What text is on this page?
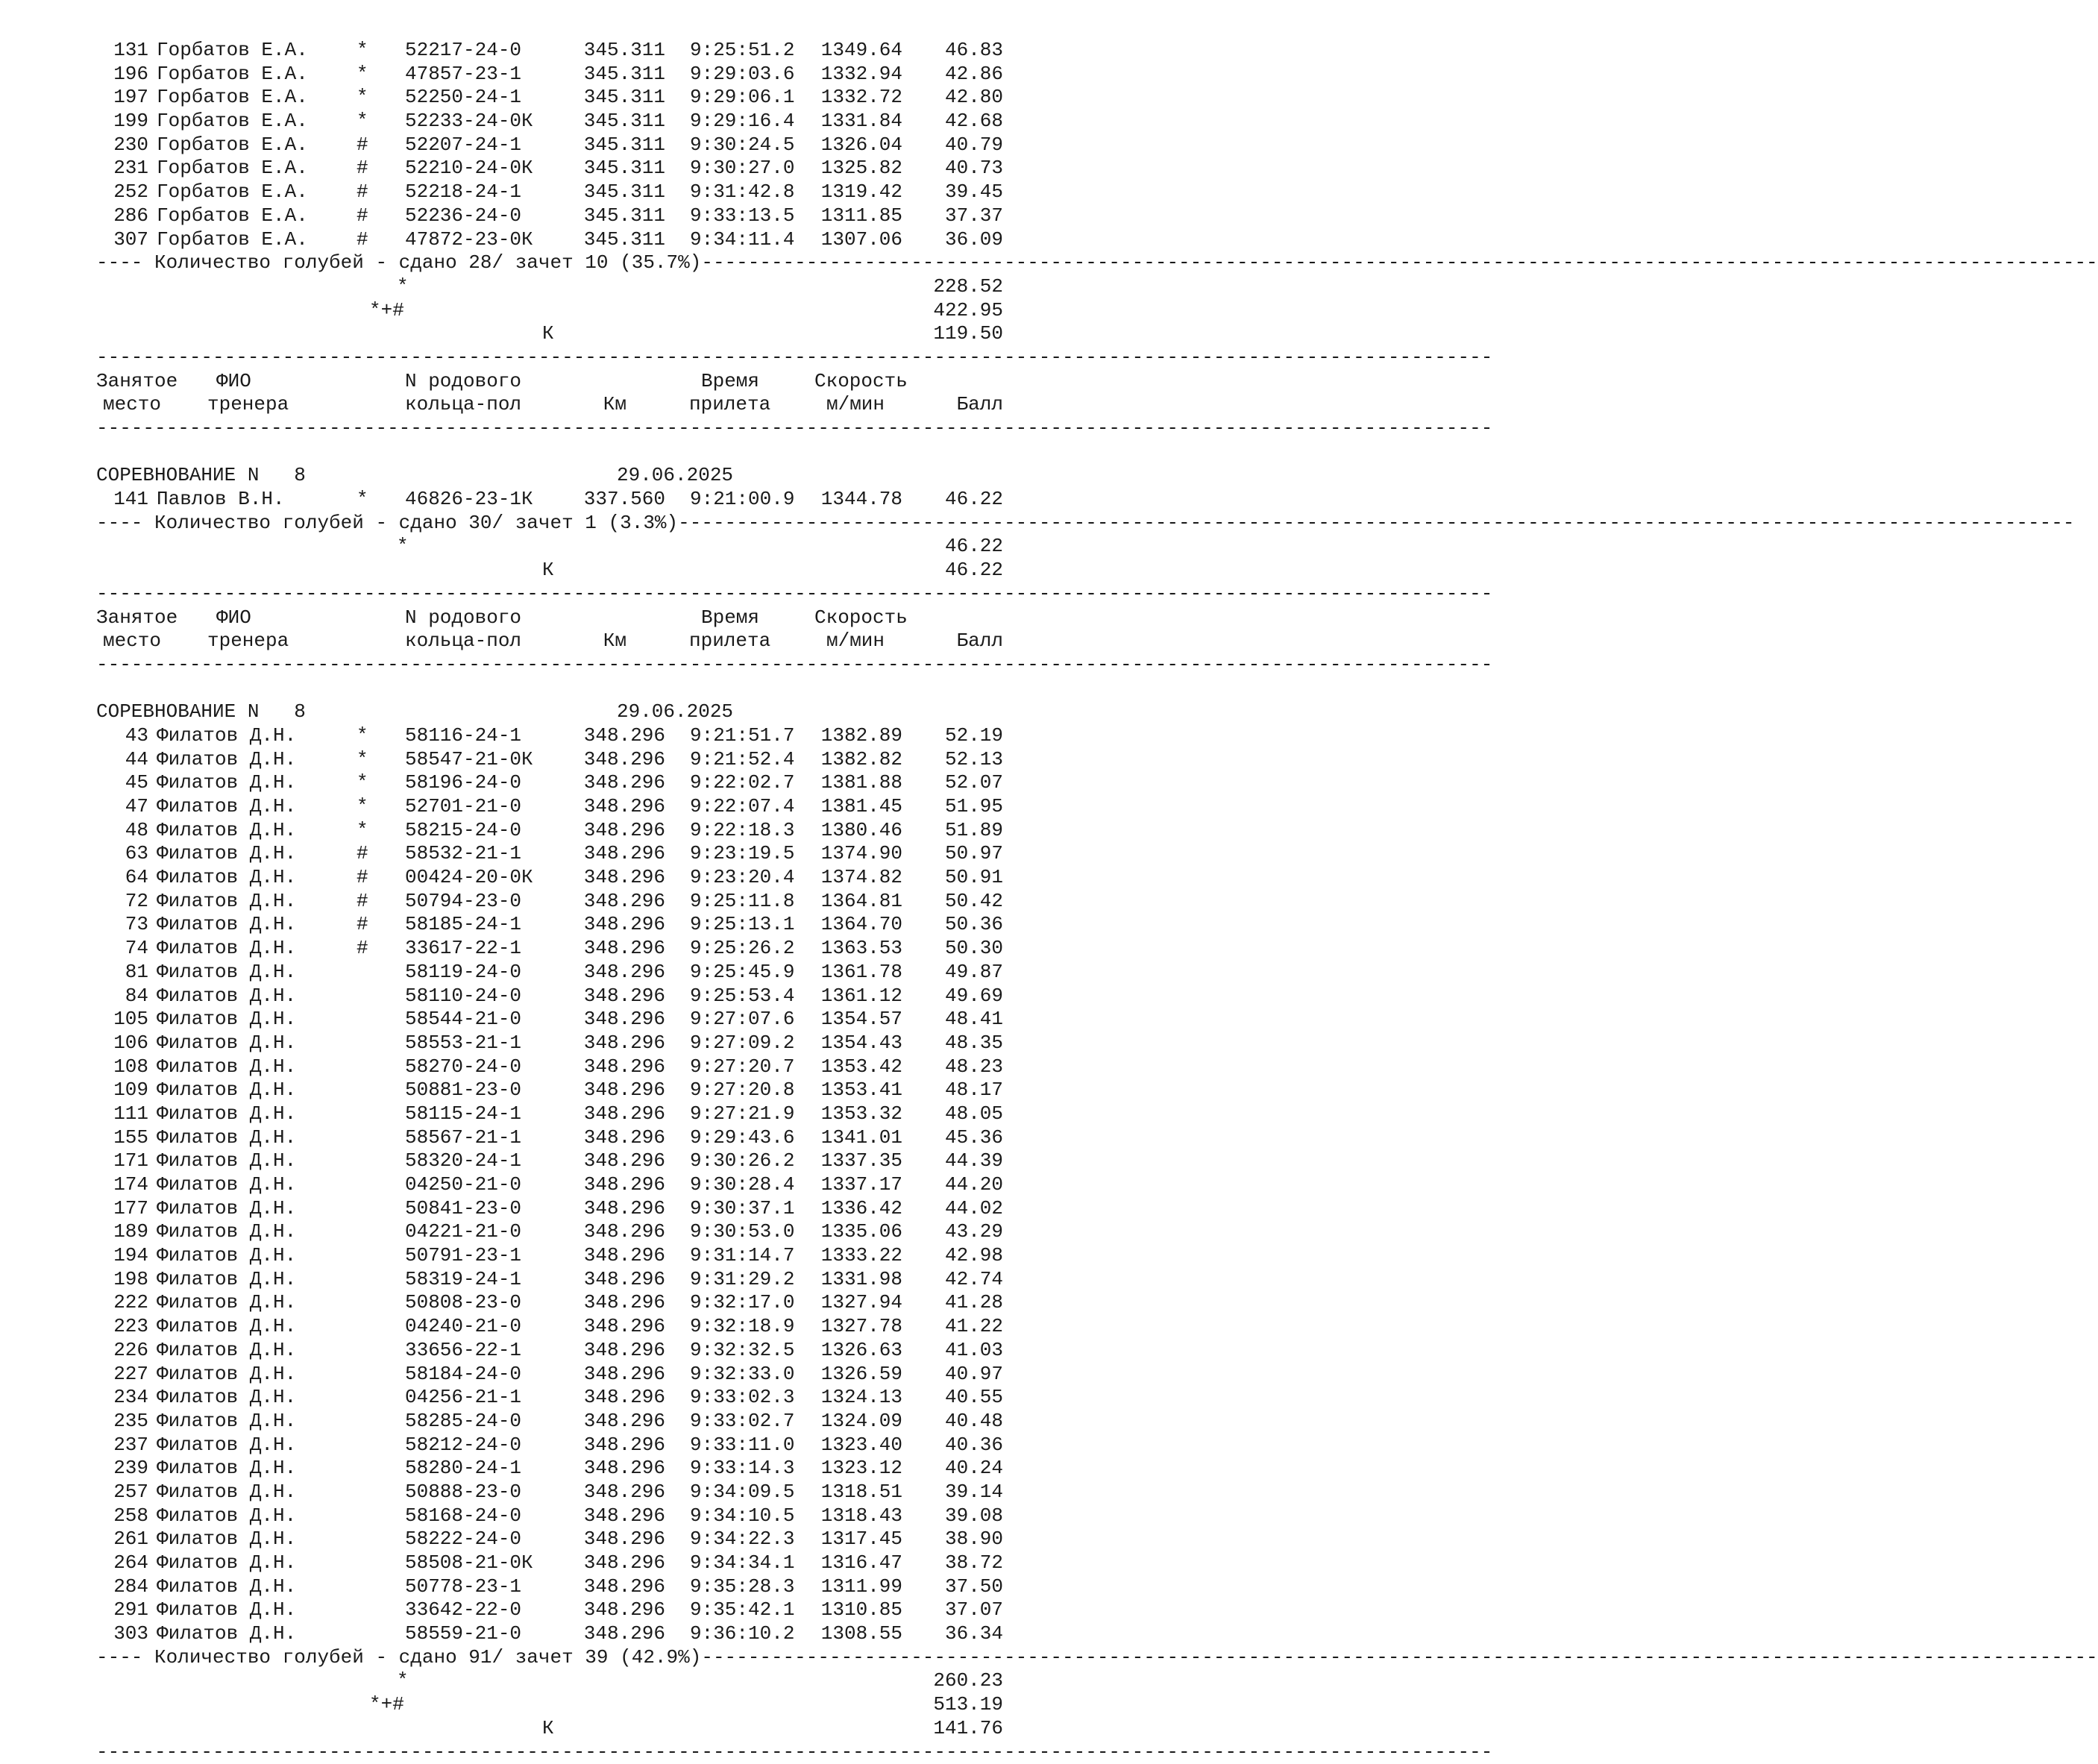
131 Горбатов Е.А.	* 52217-24-0	345.311 9:25:51.2	1349.64	46.83
196 Горбатов Е.А.	* 47857-23-1	345.311 9:29:03.6	1332.94	42.86
197 Горбатов Е.А.	* 52250-24-1	345.311 9:29:06.1	1332.72	42.80
199 Горбатов Е.А.	* 52233-24-0К	345.311 9:29:16.4	1331.84	42.68
230 Горбатов Е.А.	# 52207-24-1	345.311 9:30:24.5	1326.04	40.79
231 Горбатов Е.А.	# 52210-24-0К	345.311 9:30:27.0	1325.82	40.73
252 Горбатов Е.А.	# 52218-24-1	345.311 9:31:42.8	1319.42	39.45
286 Горбатов Е.А.	# 52236-24-0	345.311 9:33:13.5	1311.85	37.37
307 Горбатов Е.А.	# 47872-23-0К	345.311 9:34:11.4	1307.06	36.09
---- Количество голубей - сдано 28/ зачет 10 (35.7%)------------------------------------------------------------------------------------------------------------------------
*	228.52
*+#	422.95
К	119.50
------------------------------------------------------------------------------------------------------------------------
Занятое ФИО	N родового	Время	Скорость
место тренера	кольца-пол	Км	прилета	м/мин	Балл
------------------------------------------------------------------------------------------------------------------------
СОРЕВНОВАНИЕ N   8	29.06.2025
141 Павлов В.Н.	* 46826-23-1К	337.560 9:21:00.9	1344.78	46.22
---- Количество голубей - сдано 30/ зачет 1 (3.3%)------------------------------------------------------------------------------------------------------------------------
*	46.22
К	46.22
------------------------------------------------------------------------------------------------------------------------
Занятое ФИО	N родового	Время	Скорость
место тренера	кольца-пол	Км	прилета	м/мин	Балл
------------------------------------------------------------------------------------------------------------------------
СОРЕВНОВАНИЕ N   8	29.06.2025
43 Филатов Д.Н.	* 58116-24-1	348.296 9:21:51.7	1382.89	52.19
44 Филатов Д.Н.	* 58547-21-0К	348.296 9:21:52.4	1382.82	52.13
45 Филатов Д.Н.	* 58196-24-0	348.296 9:22:02.7	1381.88	52.07
47 Филатов Д.Н.	* 52701-21-0	348.296 9:22:07.4	1381.45	51.95
48 Филатов Д.Н.	* 58215-24-0	348.296 9:22:18.3	1380.46	51.89
63 Филатов Д.Н.	# 58532-21-1	348.296 9:23:19.5	1374.90	50.97
64 Филатов Д.Н.	# 00424-20-0К	348.296 9:23:20.4	1374.82	50.91
72 Филатов Д.Н.	# 50794-23-0	348.296 9:25:11.8	1364.81	50.42
73 Филатов Д.Н.	# 58185-24-1	348.296 9:25:13.1	1364.70	50.36
74 Филатов Д.Н.	# 33617-22-1	348.296 9:25:26.2	1363.53	50.30
81 Филатов Д.Н.	58119-24-0	348.296 9:25:45.9	1361.78	49.87
84 Филатов Д.Н.	58110-24-0	348.296 9:25:53.4	1361.12	49.69
105 Филатов Д.Н.	58544-21-0	348.296 9:27:07.6	1354.57	48.41
106 Филатов Д.Н.	58553-21-1	348.296 9:27:09.2	1354.43	48.35
108 Филатов Д.Н.	58270-24-0	348.296 9:27:20.7	1353.42	48.23
109 Филатов Д.Н.	50881-23-0	348.296 9:27:20.8	1353.41	48.17
111 Филатов Д.Н.	58115-24-1	348.296 9:27:21.9	1353.32	48.05
155 Филатов Д.Н.	58567-21-1	348.296 9:29:43.6	1341.01	45.36
171 Филатов Д.Н.	58320-24-1	348.296 9:30:26.2	1337.35	44.39
174 Филатов Д.Н.	04250-21-0	348.296 9:30:28.4	1337.17	44.20
177 Филатов Д.Н.	50841-23-0	348.296 9:30:37.1	1336.42	44.02
189 Филатов Д.Н.	04221-21-0	348.296 9:30:53.0	1335.06	43.29
194 Филатов Д.Н.	50791-23-1	348.296 9:31:14.7	1333.22	42.98
198 Филатов Д.Н.	58319-24-1	348.296 9:31:29.2	1331.98	42.74
222 Филатов Д.Н.	50808-23-0	348.296 9:32:17.0	1327.94	41.28
223 Филатов Д.Н.	04240-21-0	348.296 9:32:18.9	1327.78	41.22
226 Филатов Д.Н.	33656-22-1	348.296 9:32:32.5	1326.63	41.03
227 Филатов Д.Н.	58184-24-0	348.296 9:32:33.0	1326.59	40.97
234 Филатов Д.Н.	04256-21-1	348.296 9:33:02.3	1324.13	40.55
235 Филатов Д.Н.	58285-24-0	348.296 9:33:02.7	1324.09	40.48
237 Филатов Д.Н.	58212-24-0	348.296 9:33:11.0	1323.40	40.36
239 Филатов Д.Н.	58280-24-1	348.296 9:33:14.3	1323.12	40.24
257 Филатов Д.Н.	50888-23-0	348.296 9:34:09.5	1318.51	39.14
258 Филатов Д.Н.	58168-24-0	348.296 9:34:10.5	1318.43	39.08
261 Филатов Д.Н.	58222-24-0	348.296 9:34:22.3	1317.45	38.90
264 Филатов Д.Н.	58508-21-0К	348.296 9:34:34.1	1316.47	38.72
284 Филатов Д.Н.	50778-23-1	348.296 9:35:28.3	1311.99	37.50
291 Филатов Д.Н.	33642-22-0	348.296 9:35:42.1	1310.85	37.07
303 Филатов Д.Н.	58559-21-0	348.296 9:36:10.2	1308.55	36.34
---- Количество голубей - сдано 91/ зачет 39 (42.9%)------------------------------------------------------------------------------------------------------------------------
*	260.23
*+#	513.19
К	141.76
------------------------------------------------------------------------------------------------------------------------
